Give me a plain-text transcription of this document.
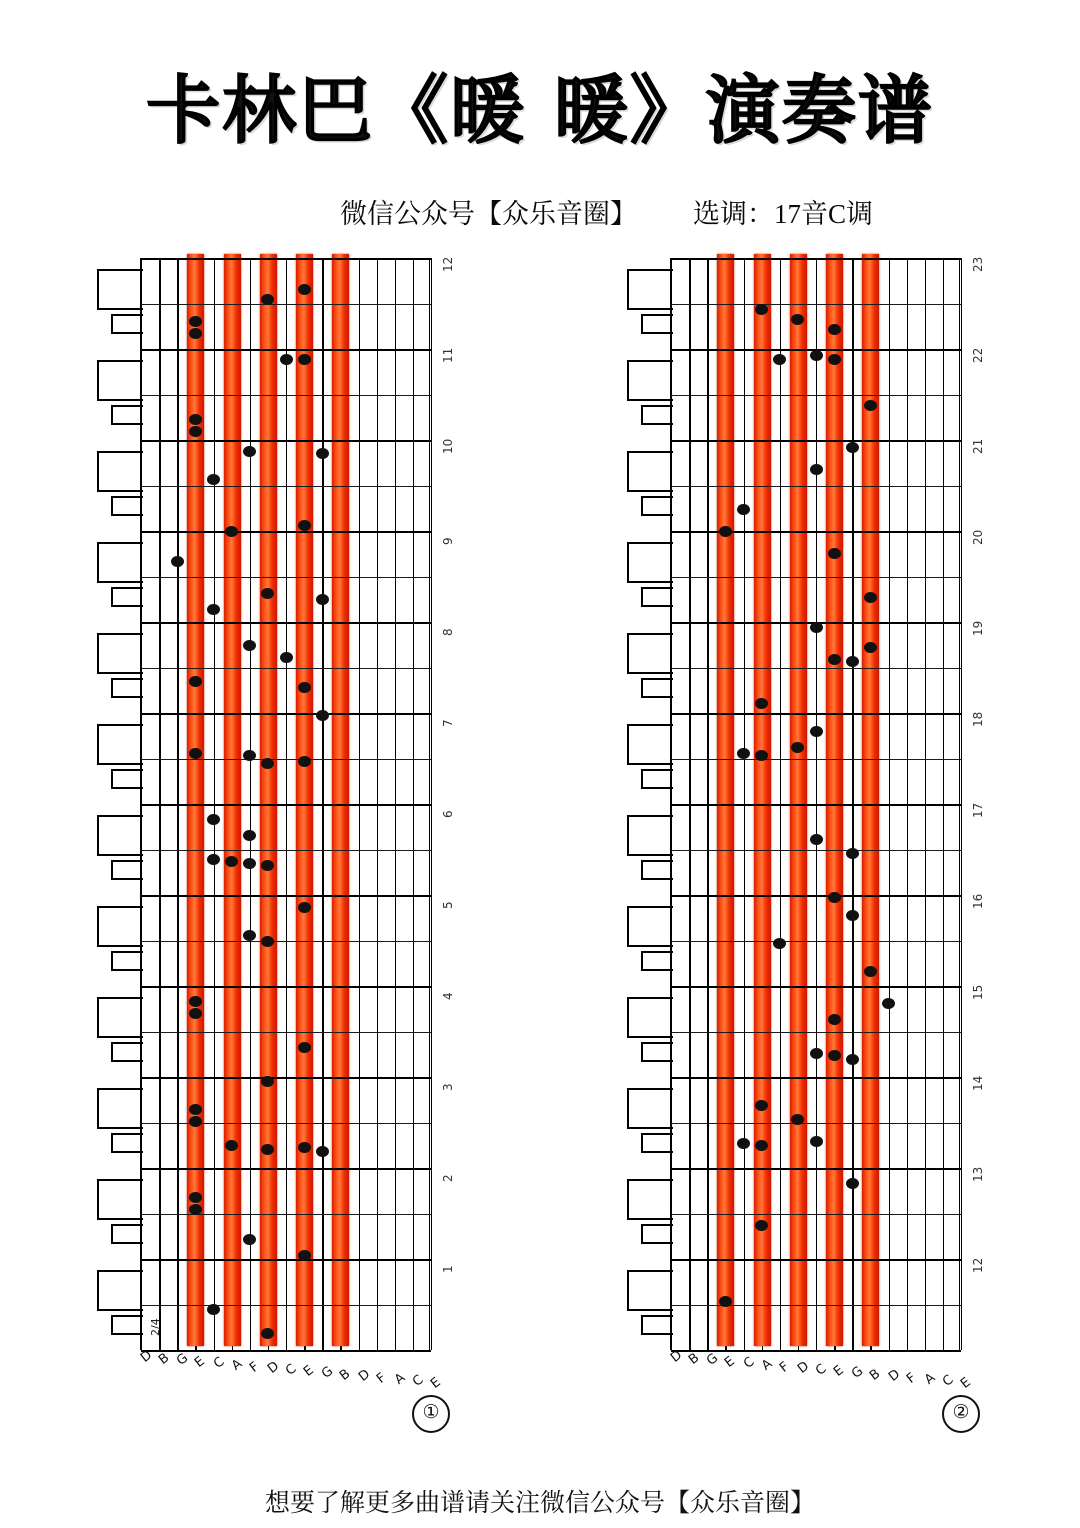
卡林巴《暖 暖》演奏谱
微信公众号【众乐音圈】 选调：17音C调
12
11
10
9
8
7
6
5
4
3
2
1
2/4
D B G E C A F D C E G B D F A C E
①
23
22
21
20
19
18
17
16
15
14
13
12
D B G E C A F D C E G B D F A C E
②
想要了解更多曲谱请关注微信公众号【众乐音圈】
